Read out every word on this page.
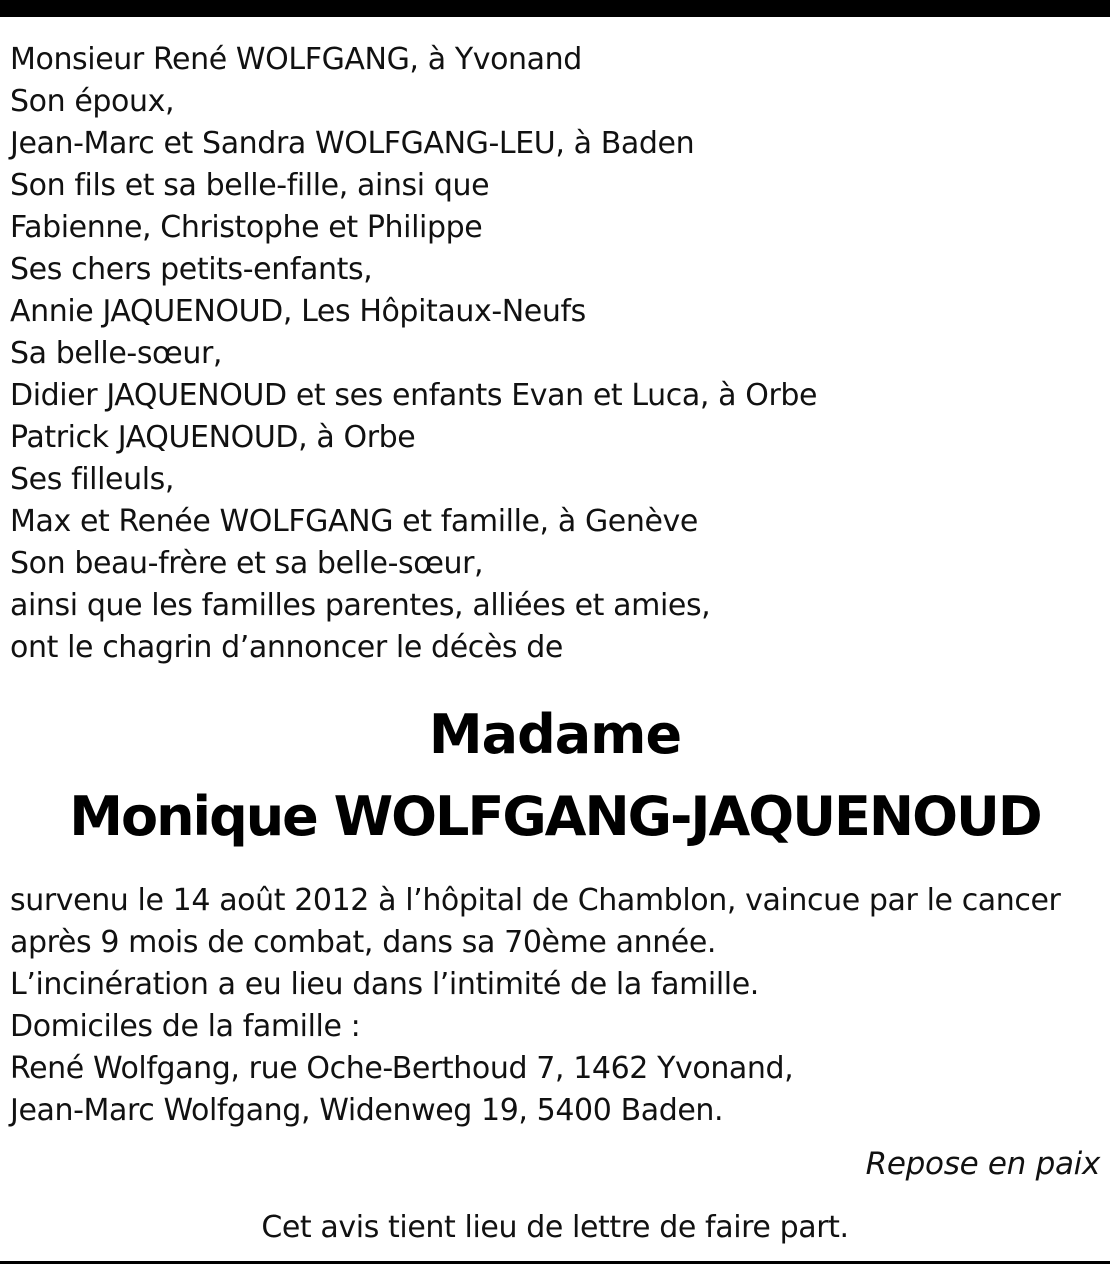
Monsieur René WOLFGANG, à Yvonand
Son époux,
Jean-Marc et Sandra WOLFGANG-LEU, à Baden
Son fils et sa belle-fille, ainsi que
Fabienne, Christophe et Philippe
Ses chers petits-enfants,
Annie JAQUENOUD, Les Hôpitaux-Neufs
Sa belle-sœur,
Didier JAQUENOUD et ses enfants Evan et Luca, à Orbe
Patrick JAQUENOUD, à Orbe
Ses filleuls,
Max et Renée WOLFGANG et famille, à Genève
Son beau-frère et sa belle-sœur,
ainsi que les familles parentes, alliées et amies,
ont le chagrin d’annoncer le décès de
Madame
Monique WOLFGANG-JAQUENOUD
survenu le 14 août 2012 à l’hôpital de Chamblon, vaincue par le cancer
après 9 mois de combat, dans sa 70ème année.
L’incinération a eu lieu dans l’intimité de la famille.
Domiciles de la famille :
René Wolfgang, rue Oche-Berthoud 7, 1462 Yvonand,
Jean-Marc Wolfgang, Widenweg 19, 5400 Baden.
Repose en paix
Cet avis tient lieu de lettre de faire part.
